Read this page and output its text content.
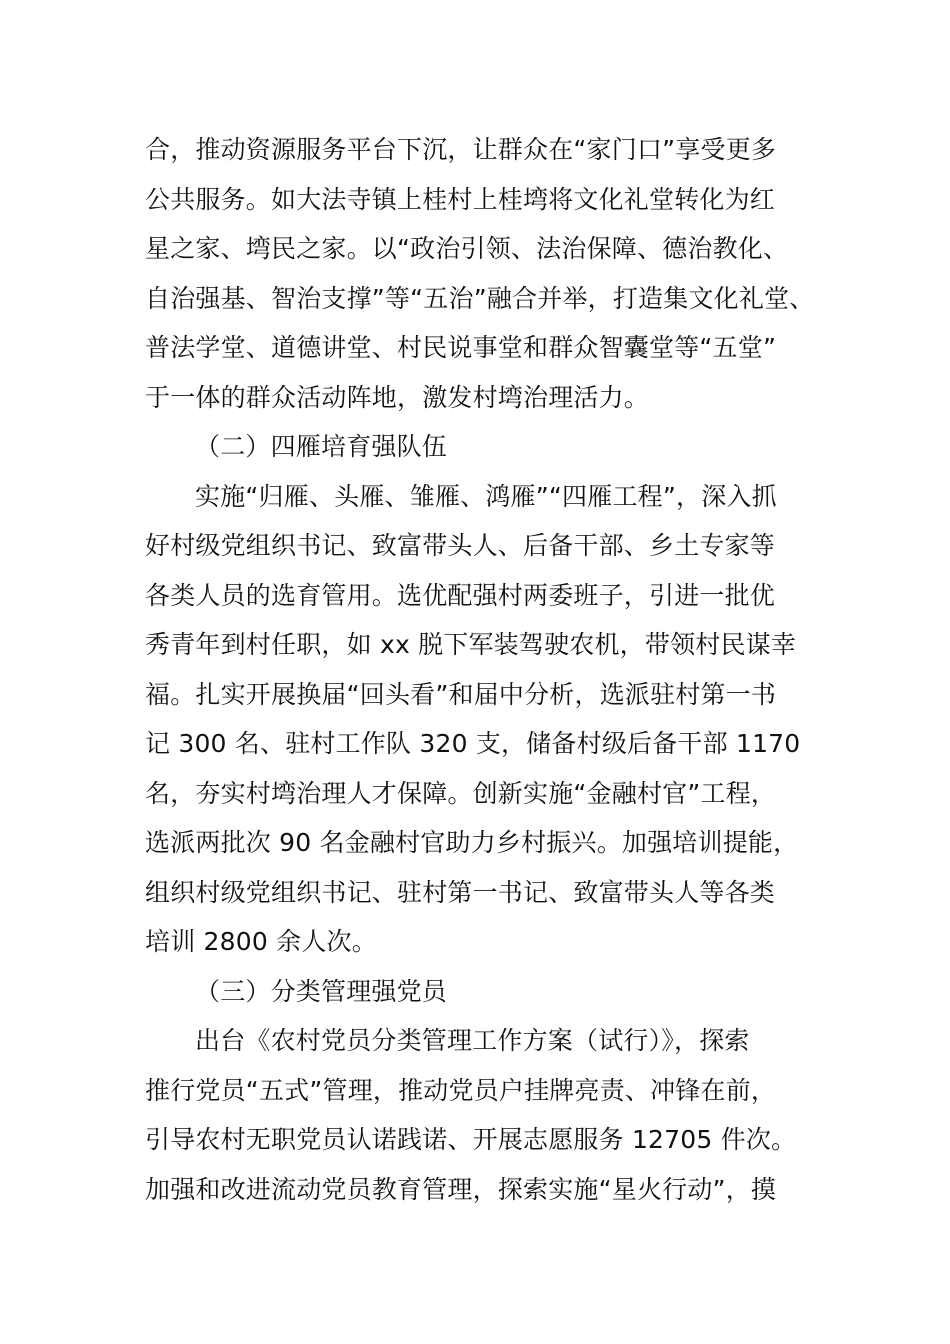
合，推动资源服务平台下沉，让群众在“家门口”享受更多
公共服务。如大法寺镇上桂村上桂塆将文化礼堂转化为红
星之家、塆民之家。以“政治引领、法治保障、德治教化、
自治强基、智治支撑”等“五治”融合并举，打造集文化礼堂、
普法学堂、道德讲堂、村民说事堂和群众智囊堂等“五堂”
于一体的群众活动阵地，激发村塆治理活力。
（二）四雁培育强队伍
实施“归雁、头雁、雏雁、鸿雁”“四雁工程”，深入抓
好村级党组织书记、致富带头人、后备干部、乡土专家等
各类人员的选育管用。选优配强村两委班子，引进一批优
秀青年到村任职，如 xx 脱下军装驾驶农机，带领村民谋幸
福。扎实开展换届“回头看”和届中分析，选派驻村第一书
记 300 名、驻村工作队 320 支，储备村级后备干部 1170
名，夯实村塆治理人才保障。创新实施“金融村官”工程，
选派两批次 90 名金融村官助力乡村振兴。加强培训提能，
组织村级党组织书记、驻村第一书记、致富带头人等各类
培训 2800 余人次。
（三）分类管理强党员
出台《农村党员分类管理工作方案（试行）》，探索
推行党员“五式”管理，推动党员户挂牌亮责、冲锋在前，
引导农村无职党员认诺践诺、开展志愿服务 12705 件次。
加强和改进流动党员教育管理，探索实施“星火行动”，摸
